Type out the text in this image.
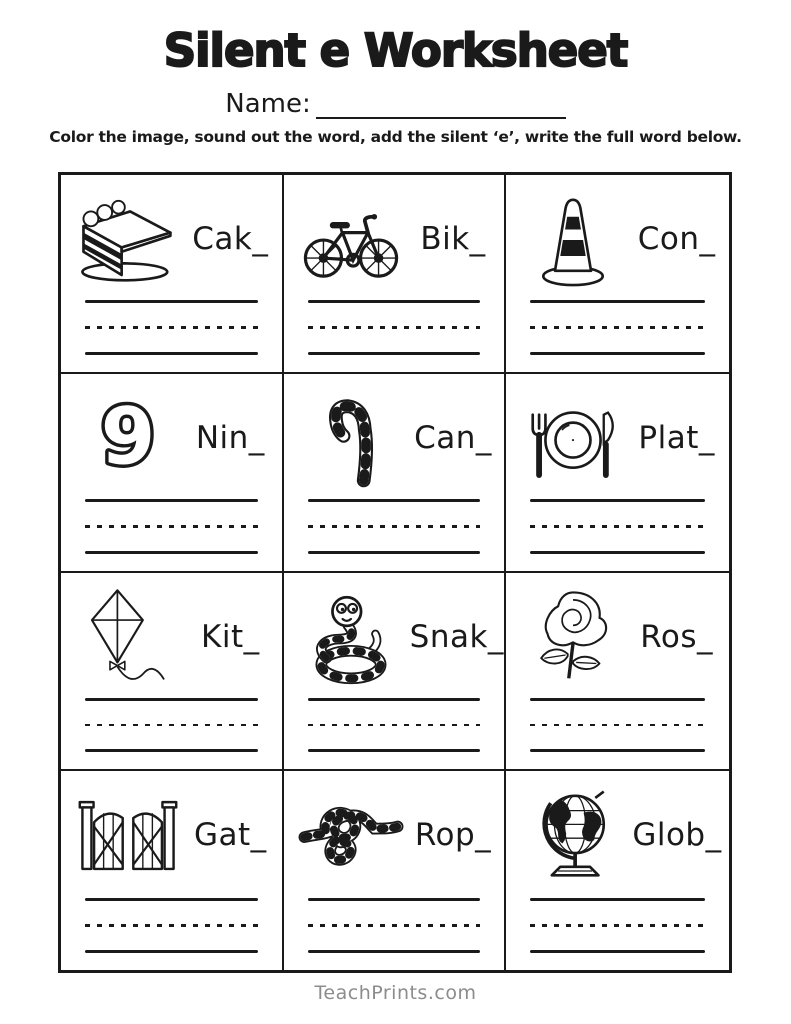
Silent e Worksheet
Name:

Color the image, sound out the word, add the silent ‘e’, write the full word below.

Cak_	Bik_	Con_
9 Nin_	Can_	Plat_
Kit_	Snak_	Ros_
Gat_	Rop_	Glob_
TeachPrints.com
